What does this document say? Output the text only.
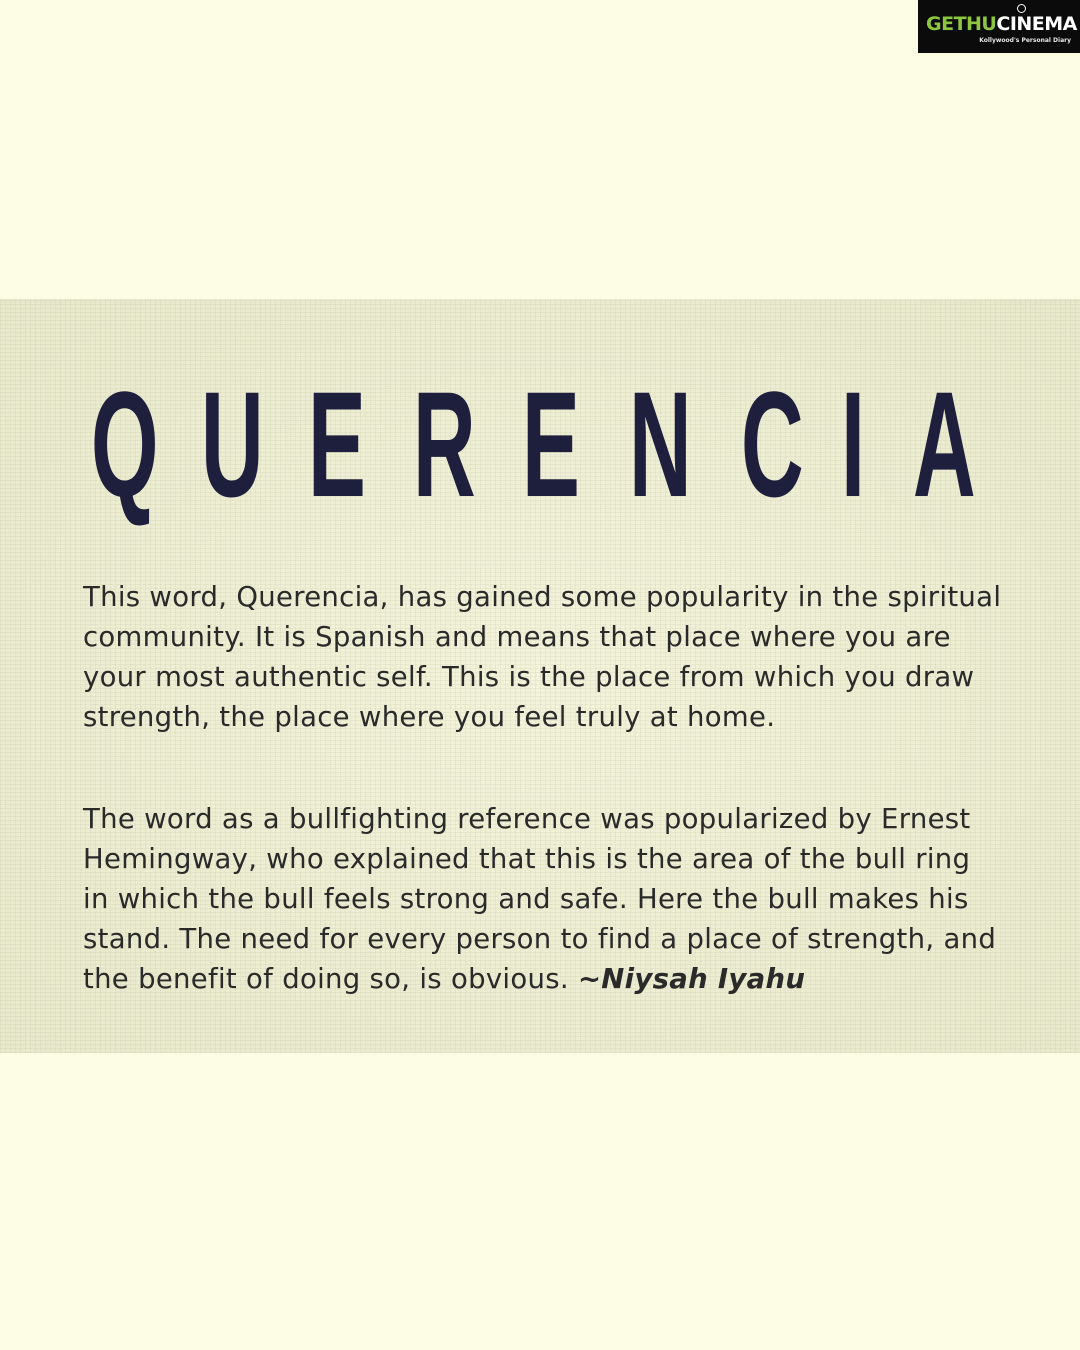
GETHUCINEMA
Kollywood's Personal Diary
Q U E R E N C I A

This word, Querencia, has gained some popularity in the spiritual community. It is Spanish and means that place where you are your most authentic self. This is the place from which you draw strength, the place where you feel truly at home.

The word as a bullfighting reference was popularized by Ernest Hemingway, who explained that this is the area of the bull ring in which the bull feels strong and safe. Here the bull makes his stand. The need for every person to find a place of strength, and the benefit of doing so, is obvious. ~Niysah Iyahu
